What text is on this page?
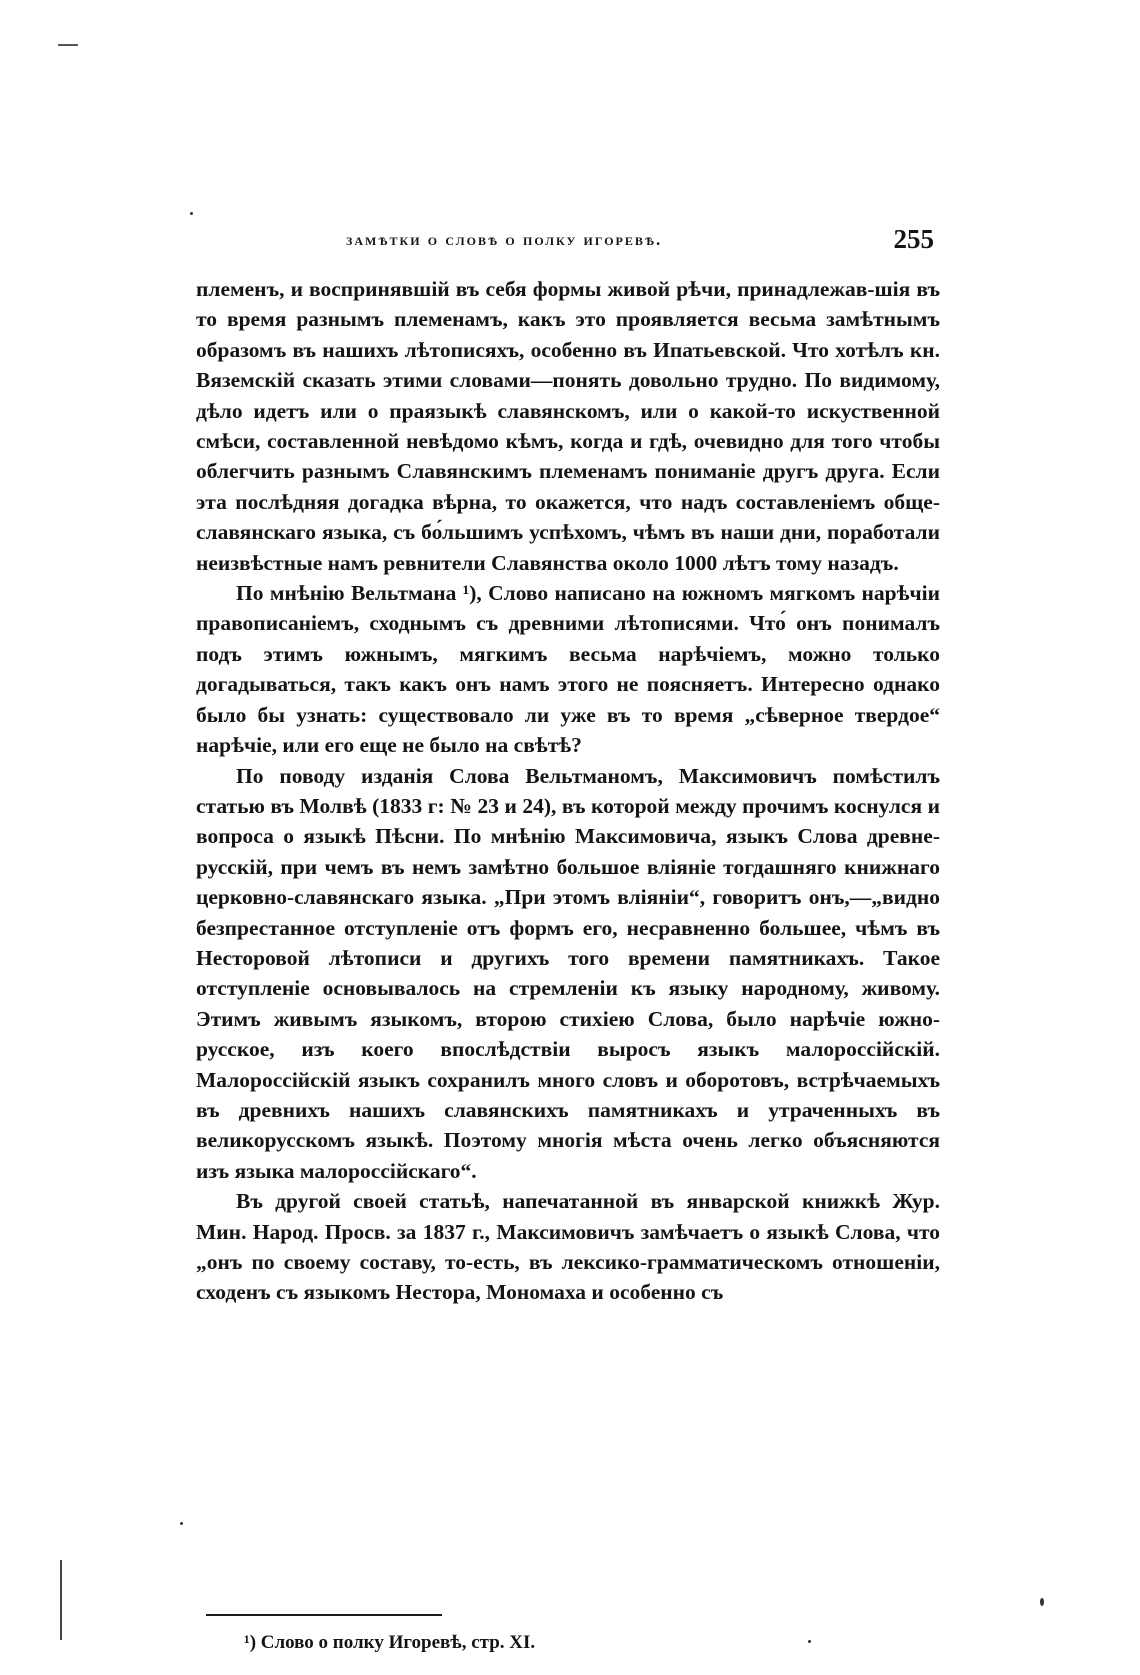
замѣтки о словѣ о полку игоревѣ.	255

племенъ, и воспринявшій въ себя формы живой рѣчи, принадлежав-шія въ то время разнымъ племенамъ, какъ это проявляется весьма замѣтнымъ образомъ въ нашихъ лѣтописяхъ, особенно въ Ипатьевской. Что хотѣлъ кн. Вяземскій сказать этими словами—понять довольно трудно. По видимому, дѣло идетъ или о праязыкѣ славянскомъ, или о какой-то искуственной смѣси, составленной невѣдомо кѣмъ, когда и гдѣ, очевидно для того чтобы облегчить разнымъ Славянскимъ племенамъ пониманіе другъ друга. Если эта послѣдняя догадка вѣрна, то окажется, что надъ составленіемъ обще-славянскаго языка, съ бо́льшимъ успѣхомъ, чѣмъ въ наши дни, поработали неизвѣстные намъ ревнители Славянства около 1000 лѣтъ тому назадъ.

По мнѣнію Вельтмана ¹), Слово написано на южномъ мягкомъ нарѣчіи правописаніемъ, сходнымъ съ древними лѣтописями. Что́ онъ понималъ подъ этимъ южнымъ, мягкимъ весьма нарѣчіемъ, можно только догадываться, такъ какъ онъ намъ этого не поясняетъ. Интересно однако было бы узнать: существовало ли уже въ то время „сѣверное твердое“ нарѣчіе, или его еще не было на свѣтѣ?

По поводу изданія Слова Вельтманомъ, Максимовичъ помѣстилъ статью въ Молвѣ (1833 г: № 23 и 24), въ которой между прочимъ коснулся и вопроса о языкѣ Пѣсни. По мнѣнію Максимовича, языкъ Слова древне-русскій, при чемъ въ немъ замѣтно большое вліяніе тогдашняго книжнаго церковно-славянскаго языка. „При этомъ вліяніи“, говоритъ онъ,—„видно безпрестанное отступленіе отъ формъ его, несравненно большее, чѣмъ въ Несторовой лѣтописи и другихъ того времени памятникахъ. Такое отступленіе основывалось на стремленіи къ языку народному, живому. Этимъ живымъ языкомъ, второю стихіею Слова, было нарѣчіе южно-русское, изъ коего впослѣдствіи выросъ языкъ малороссійскій. Малороссійскій языкъ сохранилъ много словъ и оборотовъ, встрѣчаемыхъ въ древнихъ нашихъ славянскихъ памятникахъ и утраченныхъ въ великорусскомъ языкѣ. Поэтому многія мѣста очень легко объясняются изъ языка малороссійскаго“.

Въ другой своей статьѣ, напечатанной въ январской книжкѣ Жур. Мин. Народ. Просв. за 1837 г., Максимовичъ замѣчаетъ о языкѣ Слова, что „онъ по своему составу, то-есть, въ лексико-грамматическомъ отношеніи, сходенъ съ языкомъ Нестора, Мономаха и особенно съ

¹) Слово о полку Игоревѣ, стр. XI.
